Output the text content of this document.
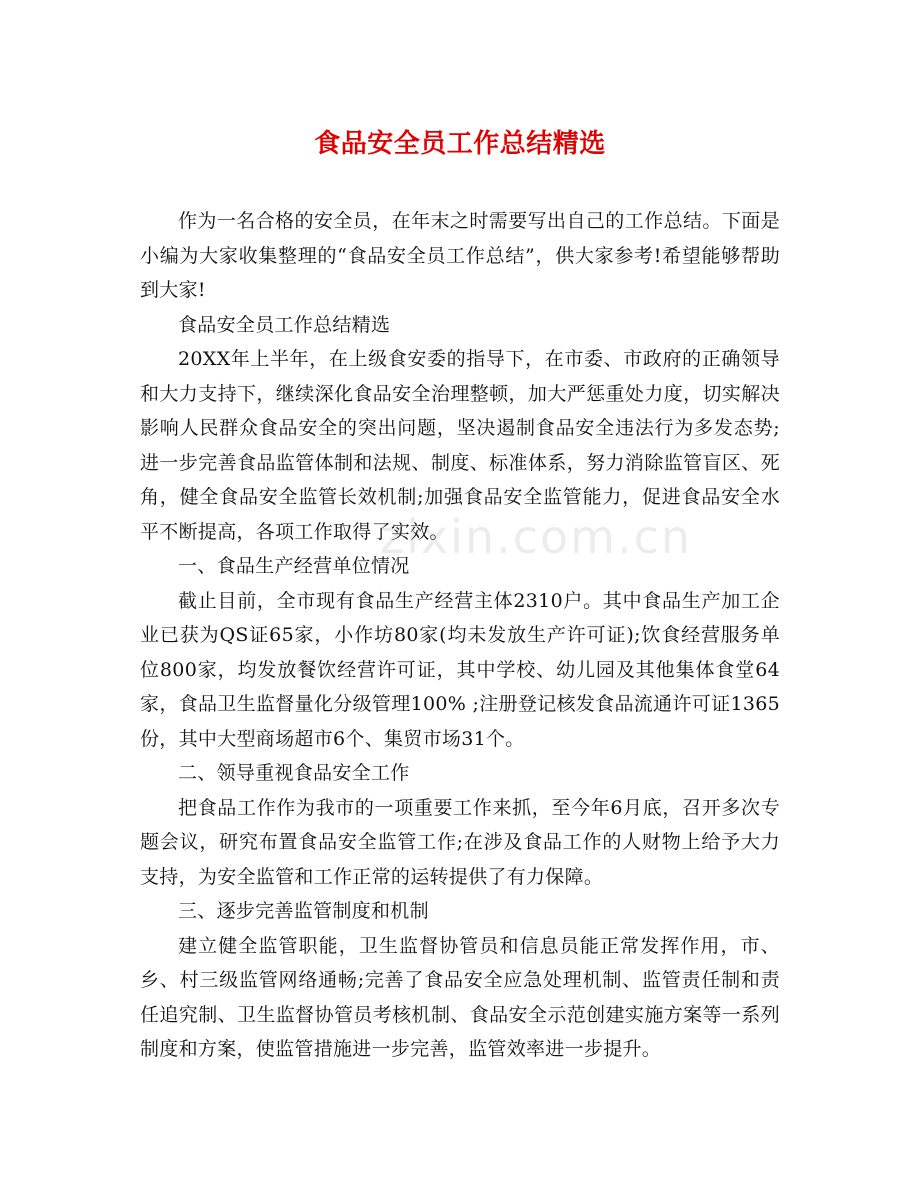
食品安全员工作总结精选
zixin.com.cn

作为一名合格的安全员，在年末之时需要写出自己的工作总结。下面是小编为大家收集整理的“食品安全员工作总结”，供大家参考!希望能够帮助到大家!

食品安全员工作总结精选

20XX年上半年，在上级食安委的指导下，在市委、市政府的正确领导和大力支持下，继续深化食品安全治理整顿，加大严惩重处力度，切实解决影响人民群众食品安全的突出问题，坚决遏制食品安全违法行为多发态势;进一步完善食品监管体制和法规、制度、标准体系，努力消除监管盲区、死角，健全食品安全监管长效机制;加强食品安全监管能力，促进食品安全水平不断提高，各项工作取得了实效。

一、食品生产经营单位情况

截止目前，全市现有食品生产经营主体2310户。其中食品生产加工企业已获为QS证65家，小作坊80家(均未发放生产许可证);饮食经营服务单位800家，均发放餐饮经营许可证，其中学校、幼儿园及其他集体食堂64家，食品卫生监督量化分级管理100% ;注册登记核发食品流通许可证1365份，其中大型商场超市6个、集贸市场31个。

二、领导重视食品安全工作

把食品工作作为我市的一项重要工作来抓，至今年6月底，召开多次专题会议，研究布置食品安全监管工作;在涉及食品工作的人财物上给予大力支持，为安全监管和工作正常的运转提供了有力保障。

三、逐步完善监管制度和机制

建立健全监管职能，卫生监督协管员和信息员能正常发挥作用，市、乡、村三级监管网络通畅;完善了食品安全应急处理机制、监管责任制和责任追究制、卫生监督协管员考核机制、食品安全示范创建实施方案等一系列制度和方案，使监管措施进一步完善，监管效率进一步提升。
